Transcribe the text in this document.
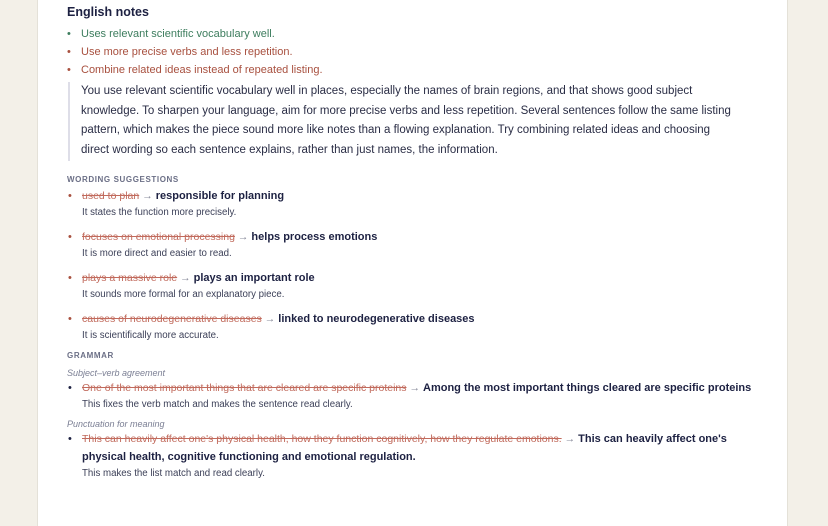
English notes
• Uses relevant scientific vocabulary well.
• Use more precise verbs and less repetition.
• Combine related ideas instead of repeated listing.
You use relevant scientific vocabulary well in places, especially the names of brain regions, and that shows good subject knowledge. To sharpen your language, aim for more precise verbs and less repetition. Several sentences follow the same listing pattern, which makes the piece sound more like notes than a flowing explanation. Try combining related ideas and choosing direct wording so each sentence explains, rather than just names, the information.
WORDING SUGGESTIONS
• used to plan → responsible for planning
It states the function more precisely.
• focuses on emotional processing → helps process emotions
It is more direct and easier to read.
• plays a massive role → plays an important role
It sounds more formal for an explanatory piece.
• causes of neurodegenerative diseases → linked to neurodegenerative diseases
It is scientifically more accurate.
GRAMMAR
Subject–verb agreement
• One of the most important things that are cleared are specific proteins → Among the most important things cleared are specific proteins
This fixes the verb match and makes the sentence read clearly.
Punctuation for meaning
• This can heavily affect one's physical health, how they function cognitively, how they regulate emotions. → This can heavily affect one's physical health, cognitive functioning and emotional regulation.
This makes the list match and read clearly.
